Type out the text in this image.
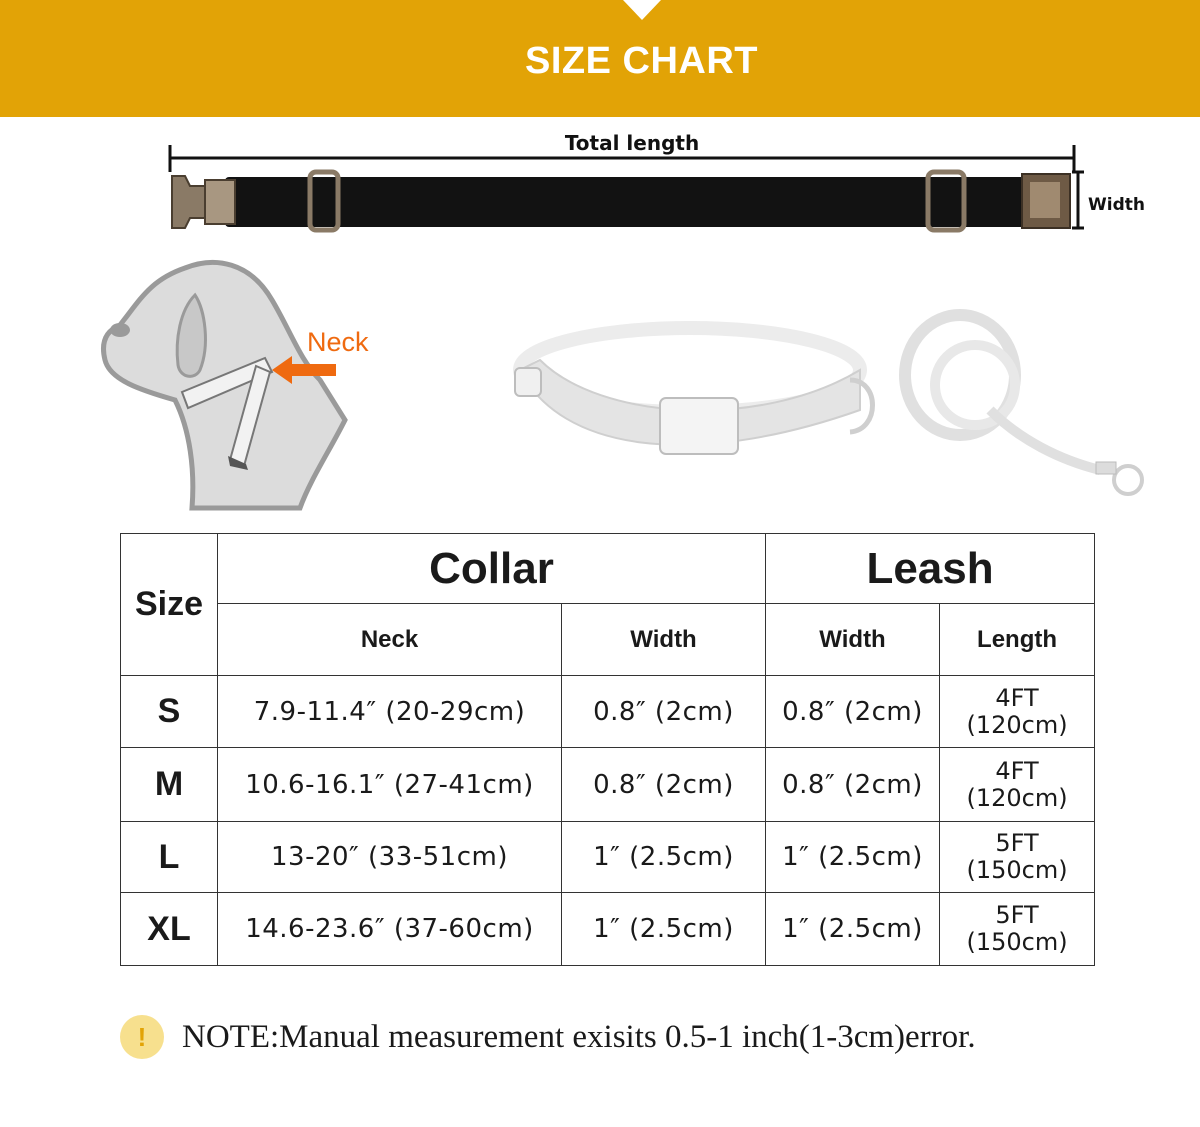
SIZE CHART
Total length
Width
Neck
Size	Collar		Leash	
	Neck	Width	Width	Length
S	7.9-11.4″ (20-29cm)	0.8″ (2cm)	0.8″ (2cm)	4FT
(120cm)

M	10.6-16.1″ (27-41cm)	0.8″ (2cm)	0.8″ (2cm)	4FT
(120cm)

L	13-20″ (33-51cm)	1″ (2.5cm)	1″ (2.5cm)	5FT
(150cm)

XL	14.6-23.6″ (37-60cm)	1″ (2.5cm)	1″ (2.5cm)	5FT
(150cm)
!	NOTE:Manual measurement exisits 0.5-1 inch(1-3cm)error.
